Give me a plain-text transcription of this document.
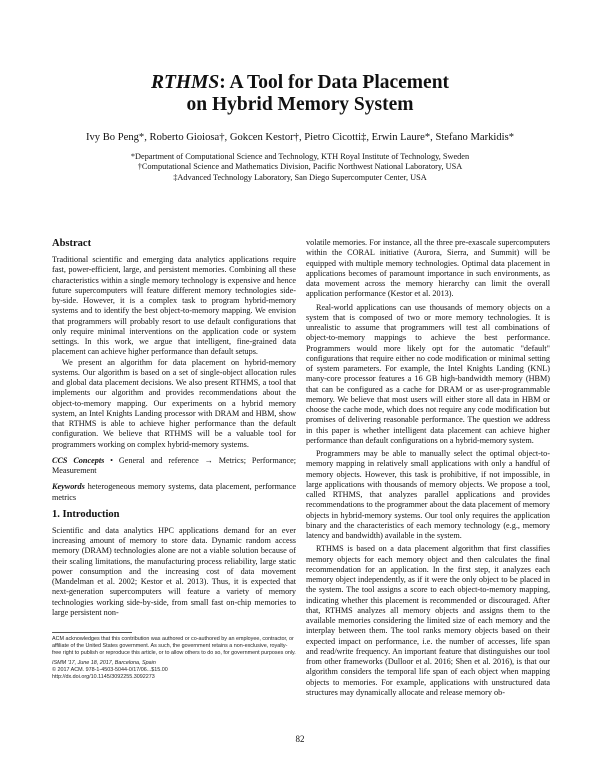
RTHMS: A Tool for Data Placement
on Hybrid Memory System
Ivy Bo Peng*, Roberto Gioiosa†, Gokcen Kestor†, Pietro Cicotti‡, Erwin Laure*, Stefano Markidis*
*Department of Computational Science and Technology, KTH Royal Institute of Technology, Sweden
†Computational Science and Mathematics Division, Pacific Northwest National Laboratory, USA
‡Advanced Technology Laboratory, San Diego Supercomputer Center, USA
Abstract

Traditional scientific and emerging data analytics applications require fast, power-efficient, large, and persistent memories. Combining all these characteristics within a single memory technology is expensive and hence future supercomputers will feature different memory technologies side-by-side. However, it is a complex task to program hybrid-memory systems and to identify the best object-to-memory mapping. We envision that programmers will probably resort to use default configurations that only require minimal interventions on the application code or system settings. In this work, we argue that intelligent, fine-grained data placement can achieve higher performance than default setups.

We present an algorithm for data placement on hybrid-memory systems. Our algorithm is based on a set of single-object allocation rules and global data placement decisions. We also present RTHMS, a tool that implements our algorithm and provides recommendations about the object-to-memory mapping. Our experiments on a hybrid memory system, an Intel Knights Landing processor with DRAM and HBM, show that RTHMS is able to achieve higher performance than the default configuration. We believe that RTHMS will be a valuable tool for programmers working on complex hybrid-memory systems.

CCS Concepts • General and reference → Metrics; Performance; Measurement

Keywords heterogeneous memory systems, data placement, performance metrics

1. Introduction

Scientific and data analytics HPC applications demand for an ever increasing amount of memory to store data. Dynamic random access memory (DRAM) technologies alone are not a viable solution because of their scaling limitations, the manufacturing process reliability, large static power consumption and the increasing cost of data movement (Mandelman et al. 2002; Kestor et al. 2013). Thus, it is expected that next-generation supercomputers will feature a variety of memory technologies working side-by-side, from small fast on-chip memories to large persistent non-

volatile memories. For instance, all the three pre-exascale supercomputers within the CORAL initiative (Aurora, Sierra, and Summit) will be equipped with multiple memory technologies. Optimal data placement in applications becomes of paramount importance in such environments, as data movement across the memory hierarchy can limit the overall application performance (Kestor et al. 2013).

Real-world applications can use thousands of memory objects on a system that is composed of two or more memory technologies. It is unrealistic to assume that programmers will test all combinations of object-to-memory mappings to achieve the best performance. Programmers would more likely opt for the automatic "default" configurations that require either no code modification or minimal setting of system parameters. For example, the Intel Knights Landing (KNL) many-core processor features a 16 GB high-bandwidth memory (HBM) that can be configured as a cache for DRAM or as user-programmable memory. We believe that most users will either store all data in HBM or choose the cache mode, which does not require any code modification but promises of delivering reasonable performance. The question we address in this paper is whether intelligent data placement can achieve higher performance than default configurations on a hybrid-memory system.

Programmers may be able to manually select the optimal object-to-memory mapping in relatively small applications with only a handful of memory objects. However, this task is prohibitive, if not impossible, in large applications with thousands of memory objects. We propose a tool, called RTHMS, that analyzes parallel applications and provides recommendations to the programmer about the data placement of memory objects in hybrid-memory systems. Our tool only requires the application binary and the characteristics of each memory technology (e.g., memory latency and bandwidth) available in the system.

RTHMS is based on a data placement algorithm that first classifies memory objects for each memory object and then calculates the final recommendation for an application. In the first step, it analyzes each memory object independently, as if it were the only object to be placed in the system. The tool assigns a score to each object-to-memory mapping, indicating whether this placement is recommended or discouraged. After that, RTHMS analyzes all memory objects and assigns them to the available memories considering the limited size of each memory and the interplay between them. The tool ranks memory objects based on their expected impact on performance, i.e. the number of accesses, life span and read/write frequency. An important feature that distinguishes our tool from other frameworks (Dulloor et al. 2016; Shen et al. 2016), is that our algorithm considers the temporal life span of each object when mapping objects to memories. For example, applications with unstructured data structures may dynamically allocate and release memory ob-

ACM acknowledges that this contribution was authored or co-authored by an employee, contractor, or affiliate of the United States government. As such, the government retains a non-exclusive, royalty-free right to publish or reproduce this article, or to allow others to do so, for government purposes only.
ISMM '17, June 18, 2017, Barcelona, Spain
© 2017 ACM. 978-1-4503-5044-0/17/06...$15.00
http://dx.doi.org/10.1145/3092255.3092273
82
